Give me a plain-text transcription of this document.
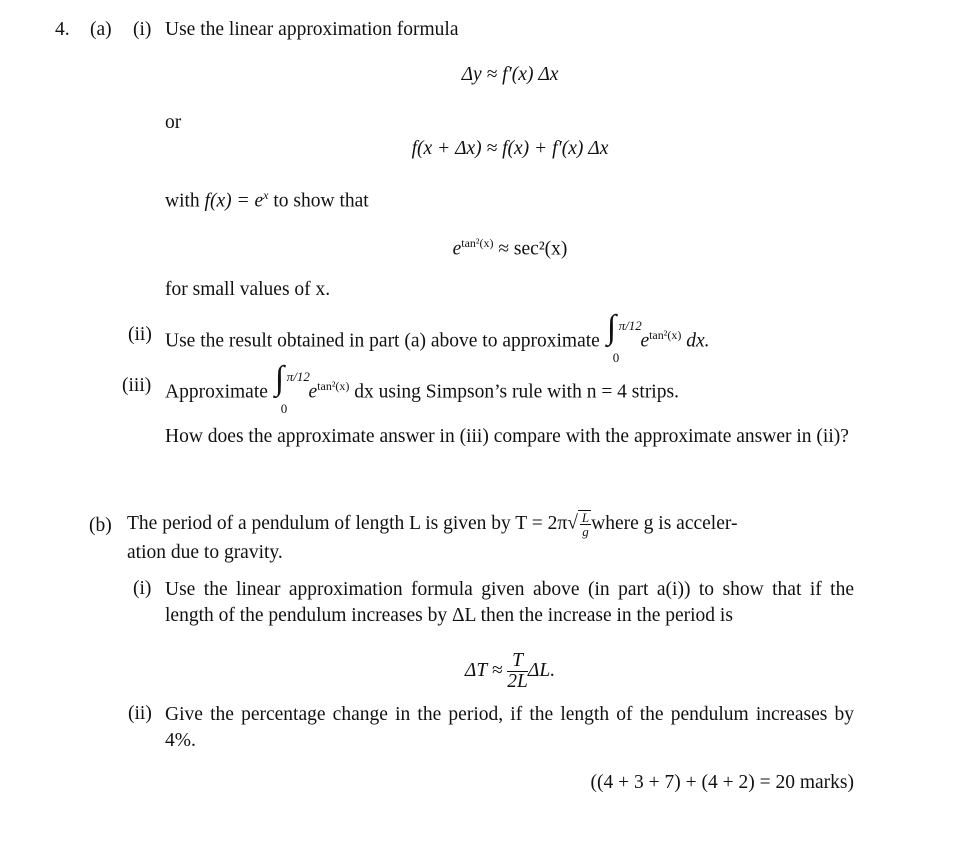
4. (a) (i) Use the linear approximation formula
Δy ≈ f′(x) Δx
or
f(x + Δx) ≈ f(x) + f′(x) Δx
with $f(x) = e^x$ to show that
$e^{tan^2(x)} \approx \sec^2(x)$
for small values of x.
(ii) Use the result obtained in part (a) above to approximate ∫ π/12
0
$e^{tan^2(x)}$ dx.
(iii) Approximate ∫ π/12
0
$e^{tan^2(x)}$ dx using Simpson’s rule with n = 4 strips.
How does the approximate answer in (iii) compare with the approximate answer in (ii)?
(b) The period of a pendulum of length L is given by T = 2π √ $\frac{L}{g}$ where g is acceler-
ation due to gravity.
(i) Use the linear approximation formula given above (in part a(i)) to show that if the length of the pendulum increases by ΔL then the increase in the period is
$\Delta T \approx \frac{T}{2L} \Delta L$.
(ii) Give the percentage change in the period, if the length of the pendulum increases by 4%.
((4 + 3 + 7) + (4 + 2) = 20 marks)
